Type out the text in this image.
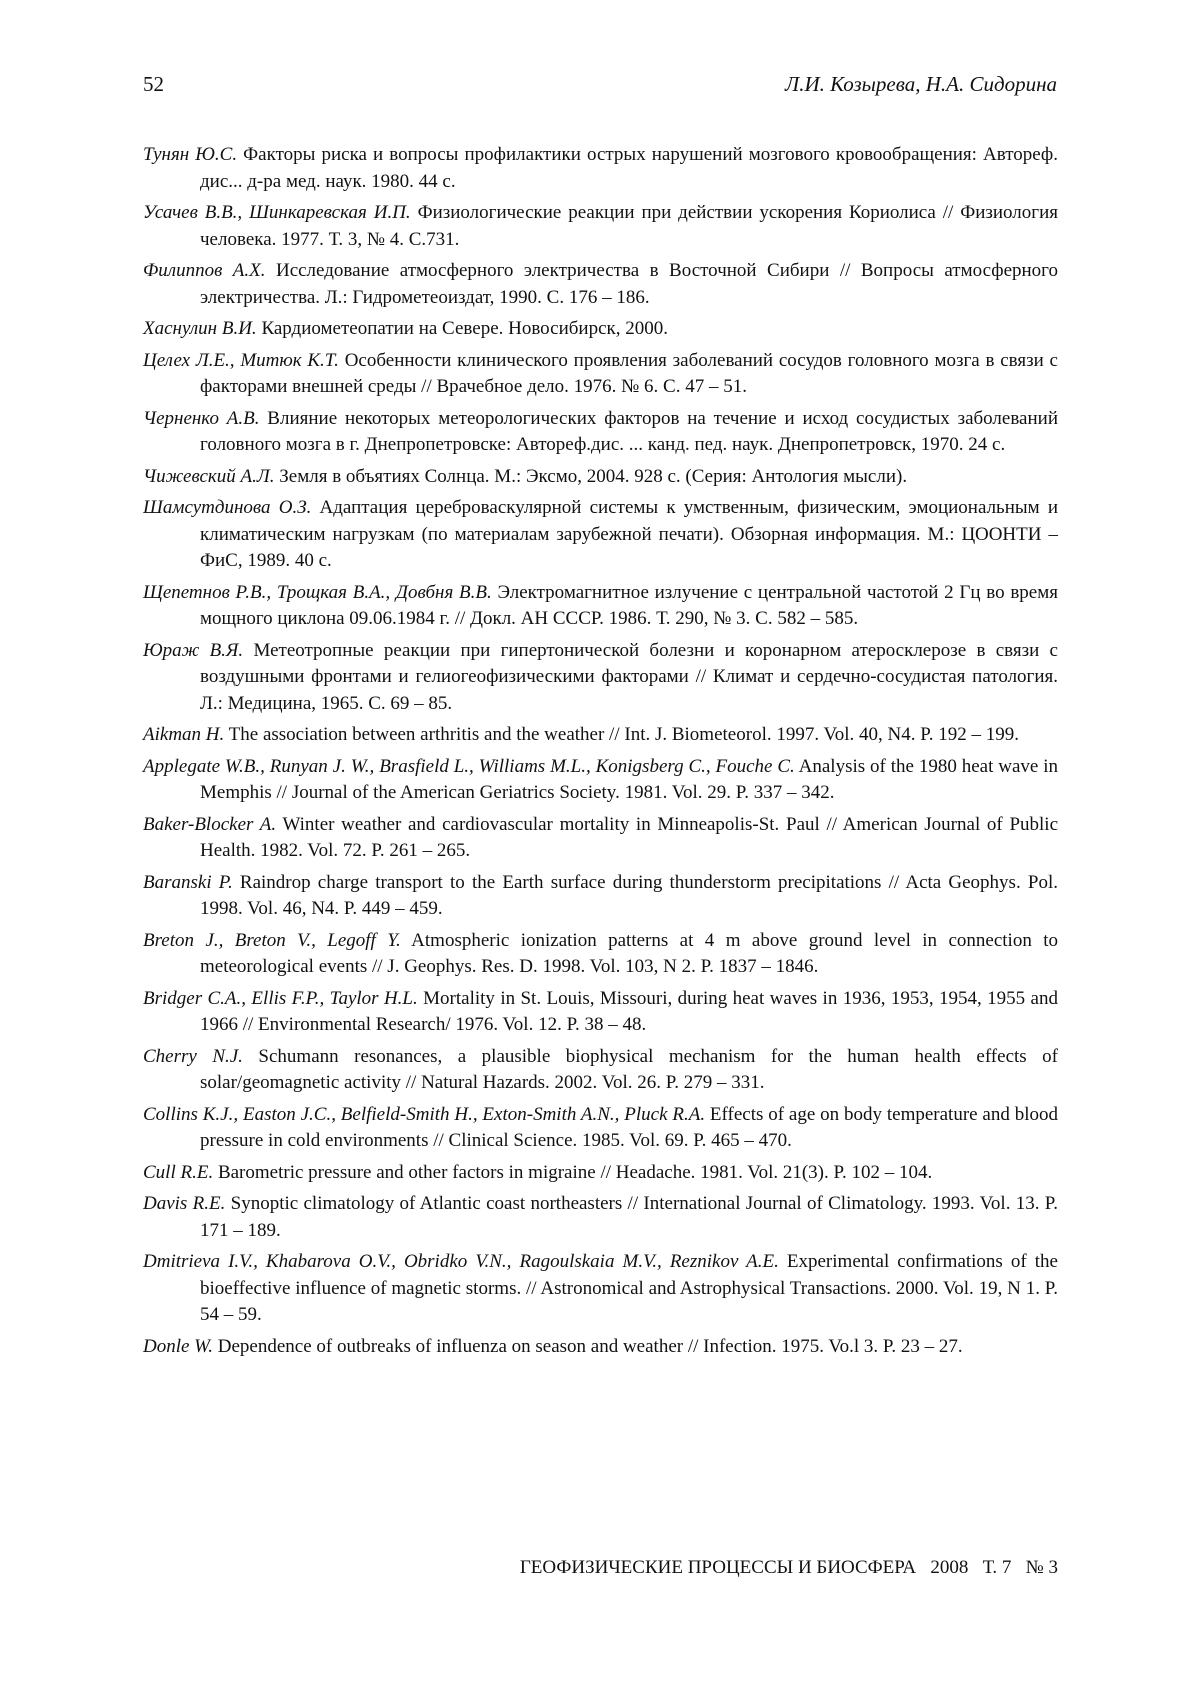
52	Л.И. Козырева, Н.А. Сидорина

Тунян Ю.С. Факторы риска и вопросы профилактики острых нарушений мозгового кровообращения: Автореф. дис... д-ра мед. наук. 1980. 44 с.

Усачев В.В., Шинкаревская И.П. Физиологические реакции при действии ускорения Кориолиса // Физиология человека. 1977. Т. 3, № 4. С.731.

Филиппов А.Х. Исследование атмосферного электричества в Восточной Сибири // Вопросы атмосферного электричества. Л.: Гидрометеоиздат, 1990. С. 176 – 186.

Хаснулин В.И. Кардиометеопатии на Севере. Новосибирск, 2000.

Целех Л.Е., Митюк К.Т. Особенности клинического проявления заболеваний сосудов головного мозга в связи с факторами внешней среды // Врачебное дело. 1976. № 6. С. 47 – 51.

Черненко А.В. Влияние некоторых метеорологических факторов на течение и исход сосудистых заболеваний головного мозга в г. Днепропетровске: Автореф.дис. ... канд. пед. наук. Днепропетровск, 1970. 24 с.

Чижевский А.Л. Земля в объятиях Солнца. М.: Эксмо, 2004. 928 с. (Серия: Антология мысли).

Шамсутдинова О.З. Адаптация цереброваскулярной системы к умственным, физическим, эмоциональным и климатическим нагрузкам (по материалам зарубежной печати). Обзорная информация. М.: ЦООНТИ – ФиС, 1989. 40 с.

Щепетнов Р.В., Трощкая В.А., Довбня В.В. Электромагнитное излучение с центральной частотой 2 Гц во время мощного циклона 09.06.1984 г. // Докл. АН СССР. 1986. Т. 290, № 3. С. 582 – 585.

Юраж В.Я. Метеотропные реакции при гипертонической болезни и коронарном атеросклерозе в связи с воздушными фронтами и гелиогеофизическими факторами // Климат и сердечно-сосудистая патология. Л.: Медицина, 1965. С. 69 – 85.

Aikman H. The association between arthritis and the weather // Int. J. Biometeorol. 1997. Vol. 40, N4. P. 192 – 199.

Applegate W.B., Runyan J. W., Brasfield L., Williams M.L., Konigsberg C., Fouche C. Analysis of the 1980 heat wave in Memphis // Journal of the American Geriatrics Society. 1981. Vol. 29. P. 337 – 342.

Baker-Blocker A. Winter weather and cardiovascular mortality in Minneapolis-St. Paul // American Journal of Public Health. 1982. Vol. 72. P. 261 – 265.

Baranski P. Raindrop charge transport to the Earth surface during thunderstorm precipitations // Acta Geophys. Pol. 1998. Vol. 46, N4. P. 449 – 459.

Breton J., Breton V., Legoff Y. Atmospheric ionization patterns at 4 m above ground level in connection to meteorological events // J. Geophys. Res. D. 1998. Vol. 103, N 2. P. 1837 – 1846.

Bridger C.A., Ellis F.P., Taylor H.L. Mortality in St. Louis, Missouri, during heat waves in 1936, 1953, 1954, 1955 and 1966 // Environmental Research/ 1976. Vol. 12. P. 38 – 48.

Cherry N.J. Schumann resonances, a plausible biophysical mechanism for the human health effects of solar/geomagnetic activity // Natural Hazards. 2002. Vol. 26. P. 279 – 331.

Collins K.J., Easton J.C., Belfield-Smith H., Exton-Smith A.N., Pluck R.A. Effects of age on body temperature and blood pressure in cold environments // Clinical Science. 1985. Vol. 69. P. 465 – 470.

Cull R.E. Barometric pressure and other factors in migraine // Headache. 1981. Vol. 21(3). P. 102 – 104.

Davis R.E. Synoptic climatology of Atlantic coast northeasters // International Journal of Climatology. 1993. Vol. 13. P. 171 – 189.

Dmitrieva I.V., Khabarova O.V., Obridko V.N., Ragoulskaia M.V., Reznikov A.E. Experimental confirmations of the bioeffective influence of magnetic storms. // Astronomical and Astrophysical Transactions. 2000. Vol. 19, N 1. P. 54 – 59.

Donle W. Dependence of outbreaks of influenza on season and weather // Infection. 1975. Vo.l 3. P. 23 – 27.

ГЕОФИЗИЧЕСКИЕ ПРОЦЕССЫ И БИОСФЕРА 2008 Т. 7 № 3
